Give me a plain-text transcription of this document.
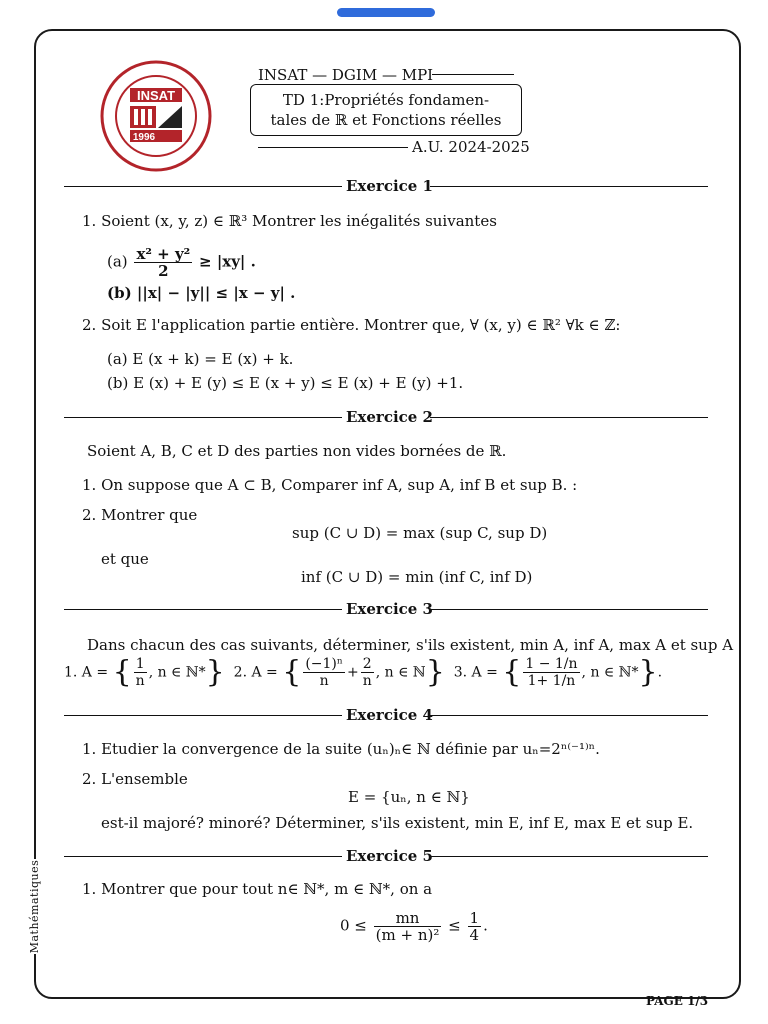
INSAT
1996
INSAT — DGIM — MPI
TD 1:Propriétés fondamen-
tales de ℝ et Fonctions réelles
A.U. 2024-2025
Exercice 1
1. Soient (x, y, z) ∈ ℝ³ Montrer les inégalités suivantes
$(a) \frac{\text{x² + y²}}{2} \ge |xy|$ .
(b) ||x| − |y|| ≤ |x − y| .
2. Soit E l'application partie entière. Montrer que, ∀ (x, y) ∈ ℝ² ∀k ∈ ℤ:
(a) E (x + k) = E (x) + k.
(b) E (x) + E (y) ≤ E (x + y) ≤ E (x) + E (y) +1.
Exercice 2
Soient A, B, C et D des parties non vides bornées de ℝ.
1. On suppose que A ⊂ B, Comparer inf A, sup A, inf B et sup B. :
2. Montrer que
sup (C ∪ D) = max (sup C, sup D)
et que
inf (C ∪ D) = min (inf C, inf D)
Exercice 3
Dans chacun des cas suivants, déterminer, s'ils existent, min A, inf A, max A et sup A
1. A = { $\frac{1}{n}$ , n ∈ ℕ*} 2. A = { $\frac{\text{(−1)ⁿ}}{n} + \frac{2}{n}$ , n ∈ ℕ} 3. A = { $\frac{1 - 1/n}{1+ 1/n}$ , n ∈ ℕ*}.
Exercice 4
1. Etudier la convergence de la suite (uₙ)ₙ∈ ℕ définie par uₙ=2ⁿ⁽⁻¹⁾ⁿ.
2. L'ensemble
E = {uₙ, n ∈ ℕ}
est-il majoré? minoré? Déterminer, s'ils existent, min E, inf E, max E et sup E.
Exercice 5
1. Montrer que pour tout n∈ ℕ*, m ∈ ℕ*, on a
$0 \le \frac{mn}{\text{(m + n)²}} \le \frac{1}{4}$ .
Mathématiques
PAGE 1/3
